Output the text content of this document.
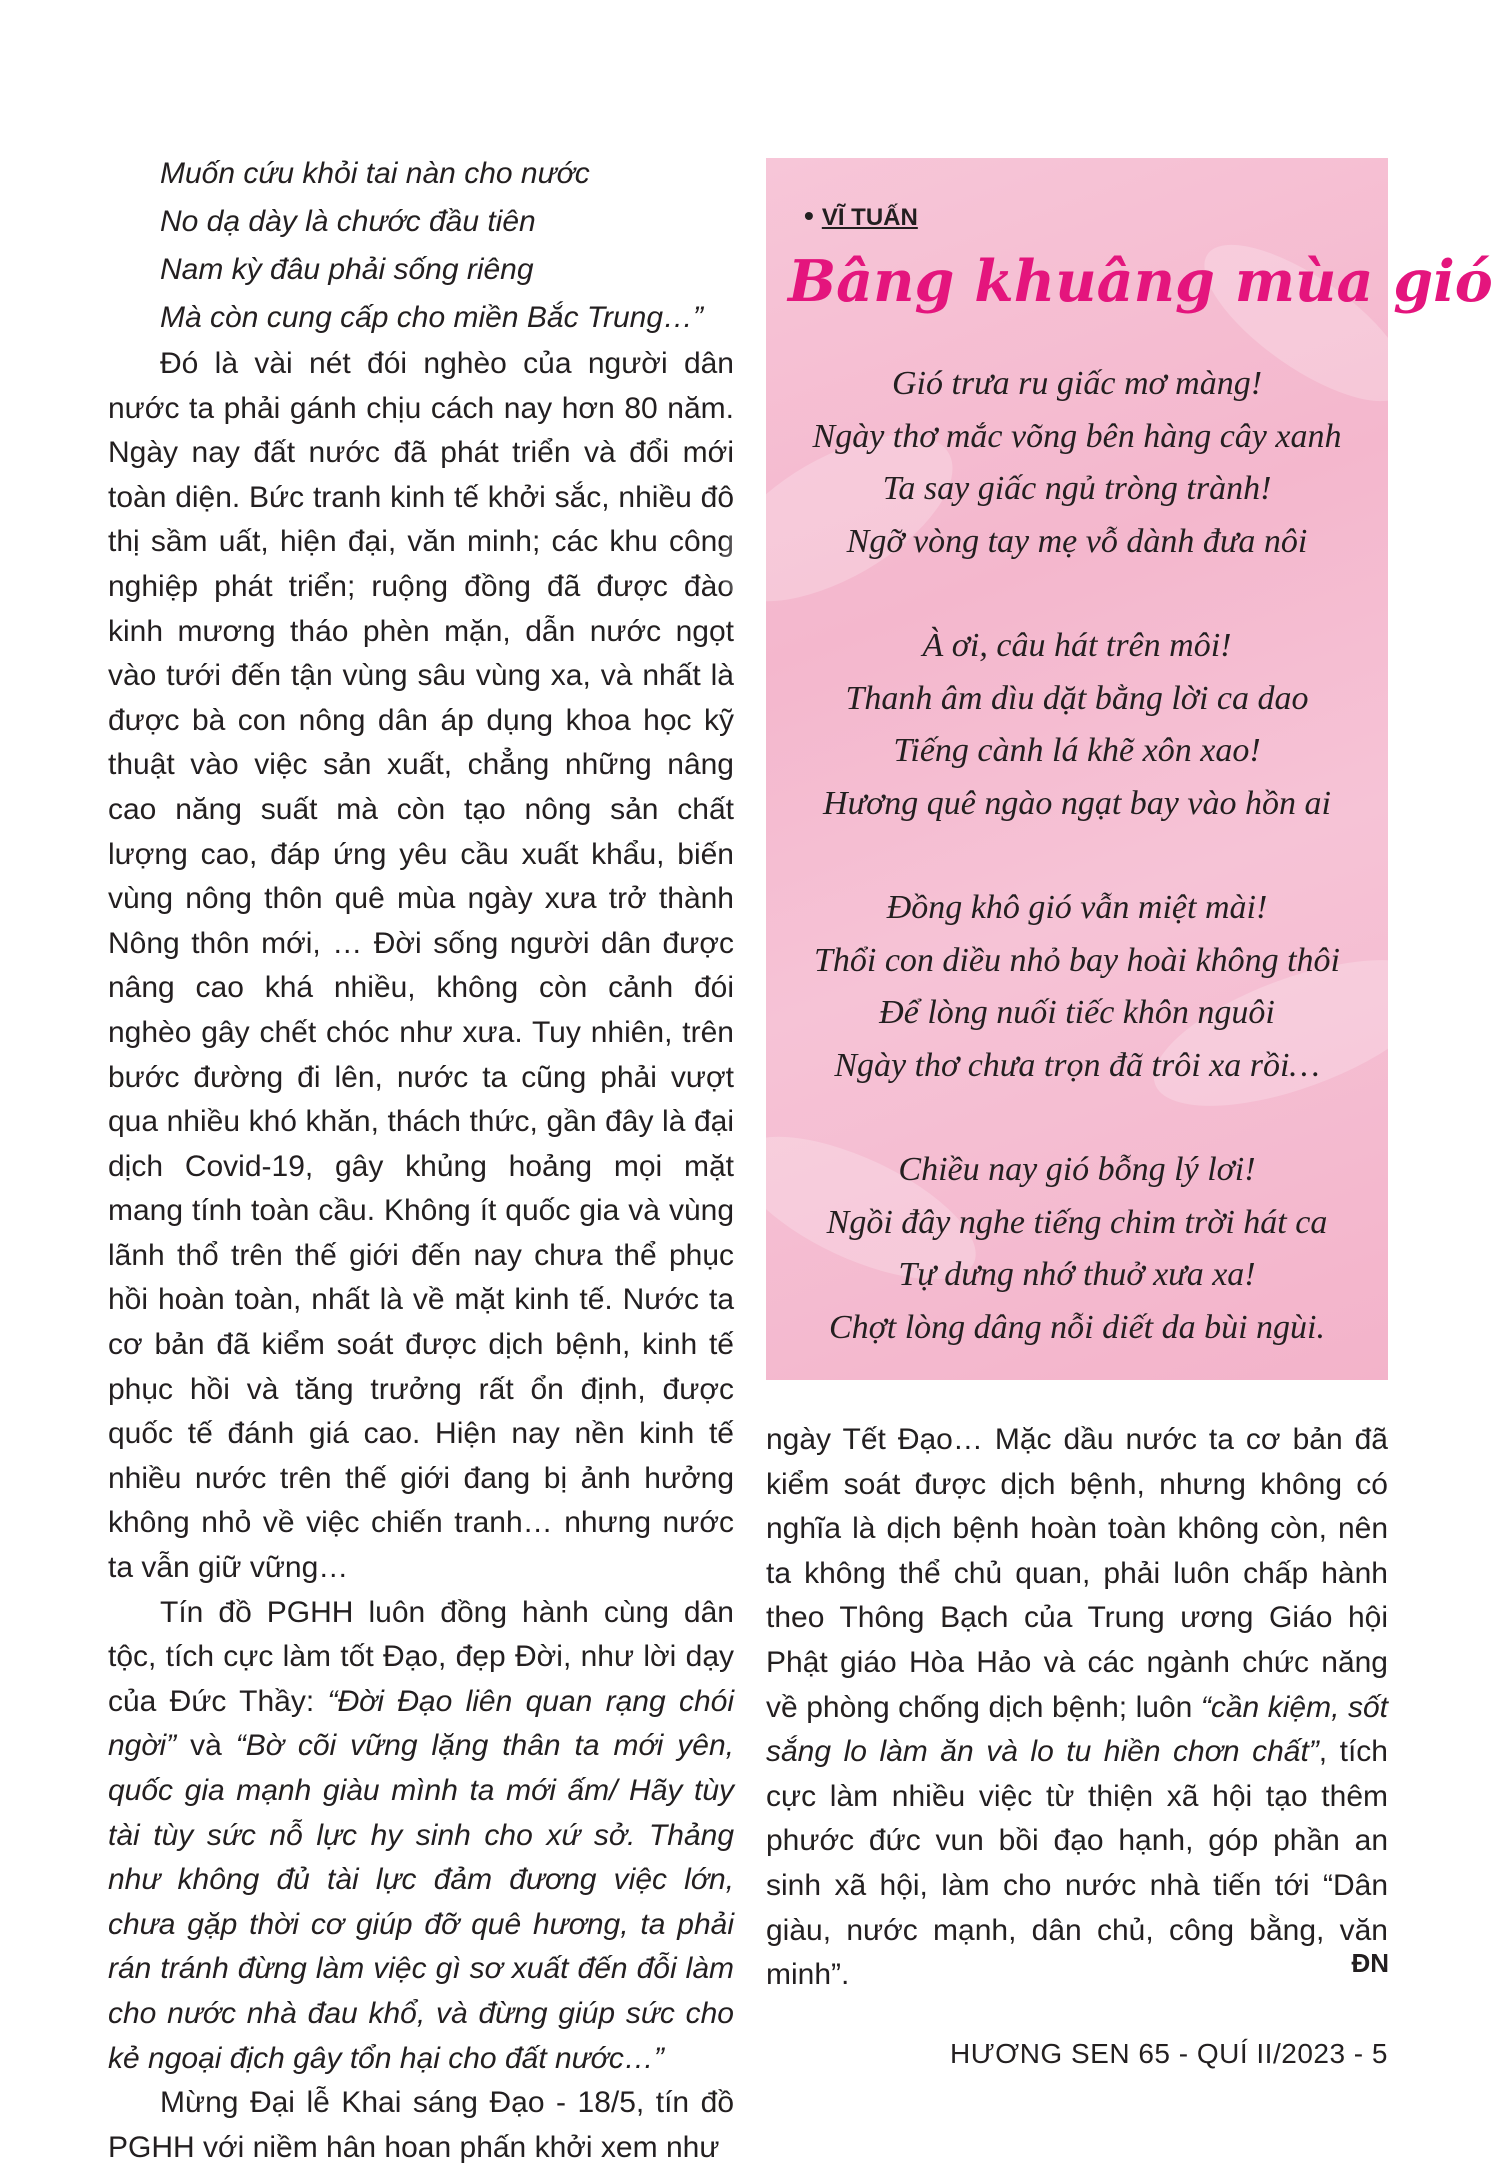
Muốn cứu khỏi tai nàn cho nước
No dạ dày là chước đầu tiên
Nam kỳ đâu phải sống riêng
Mà còn cung cấp cho miền Bắc Trung…”

Đó là vài nét đói nghèo của người dân nước ta phải gánh chịu cách nay hơn 80 năm. Ngày nay đất nước đã phát triển và đổi mới toàn diện. Bức tranh kinh tế khởi sắc, nhiều đô thị sầm uất, hiện đại, văn minh; các khu công nghiệp phát triển; ruộng đồng đã được đào kinh mương tháo phèn mặn, dẫn nước ngọt vào tưới đến tận vùng sâu vùng xa, và nhất là được bà con nông dân áp dụng khoa học kỹ thuật vào việc sản xuất, chẳng những nâng cao năng suất mà còn tạo nông sản chất lượng cao, đáp ứng yêu cầu xuất khẩu, biến vùng nông thôn quê mùa ngày xưa trở thành Nông thôn mới, … Đời sống người dân được nâng cao khá nhiều, không còn cảnh đói nghèo gây chết chóc như xưa. Tuy nhiên, trên bước đường đi lên, nước ta cũng phải vượt qua nhiều khó khăn, thách thức, gần đây là đại dịch Covid-19, gây khủng hoảng mọi mặt mang tính toàn cầu. Không ít quốc gia và vùng lãnh thổ trên thế giới đến nay chưa thể phục hồi hoàn toàn, nhất là về mặt kinh tế. Nước ta cơ bản đã kiểm soát được dịch bệnh, kinh tế phục hồi và tăng trưởng rất ổn định, được quốc tế đánh giá cao. Hiện nay nền kinh tế nhiều nước trên thế giới đang bị ảnh hưởng không nhỏ về việc chiến tranh… nhưng nước ta vẫn giữ vững…

Tín đồ PGHH luôn đồng hành cùng dân tộc, tích cực làm tốt Đạo, đẹp Đời, như lời dạy của Đức Thầy: “Đời Đạo liên quan rạng chói ngời” và “Bờ cõi vững lặng thân ta mới yên, quốc gia mạnh giàu mình ta mới ấm/ Hãy tùy tài tùy sức nỗ lực hy sinh cho xứ sở. Thảng như không đủ tài lực đảm đương việc lớn, chưa gặp thời cơ giúp đỡ quê hương, ta phải rán tránh đừng làm việc gì sơ xuất đến đỗi làm cho nước nhà đau khổ, và đừng giúp sức cho kẻ ngoại địch gây tổn hại cho đất nước…”

Mừng Đại lễ Khai sáng Đạo - 18/5, tín đồ PGHH với niềm hân hoan phấn khởi xem như

• VĨ TUẤN
Bâng khuâng mùa gió
Gió trưa ru giấc mơ màng!
Ngày thơ mắc võng bên hàng cây xanh
Ta say giấc ngủ tròng trành!
Ngỡ vòng tay mẹ vỗ dành đưa nôi
À ơi, câu hát trên môi!
Thanh âm dìu dặt bằng lời ca dao
Tiếng cành lá khẽ xôn xao!
Hương quê ngào ngạt bay vào hồn ai
Đồng khô gió vẫn miệt mài!
Thổi con diều nhỏ bay hoài không thôi
Để lòng nuối tiếc khôn nguôi
Ngày thơ chưa trọn đã trôi xa rồi…
Chiều nay gió bỗng lý lơi!
Ngồi đây nghe tiếng chim trời hát ca
Tự dưng nhớ thuở xưa xa!
Chợt lòng dâng nỗi diết da bùi ngùi.

ngày Tết Đạo… Mặc dầu nước ta cơ bản đã kiểm soát được dịch bệnh, nhưng không có nghĩa là dịch bệnh hoàn toàn không còn, nên ta không thể chủ quan, phải luôn chấp hành theo Thông Bạch của Trung ương Giáo hội Phật giáo Hòa Hảo và các ngành chức năng về phòng chống dịch bệnh; luôn “cần kiệm, sốt sắng lo làm ăn và lo tu hiền chơn chất”, tích cực làm nhiều việc từ thiện xã hội tạo thêm phước đức vun bồi đạo hạnh, góp phần an sinh xã hội, làm cho nước nhà tiến tới “Dân giàu, nước mạnh, dân chủ, công bằng, văn minh”.	ĐN
HƯƠNG SEN 65 - QUÍ II/2023 - 5
